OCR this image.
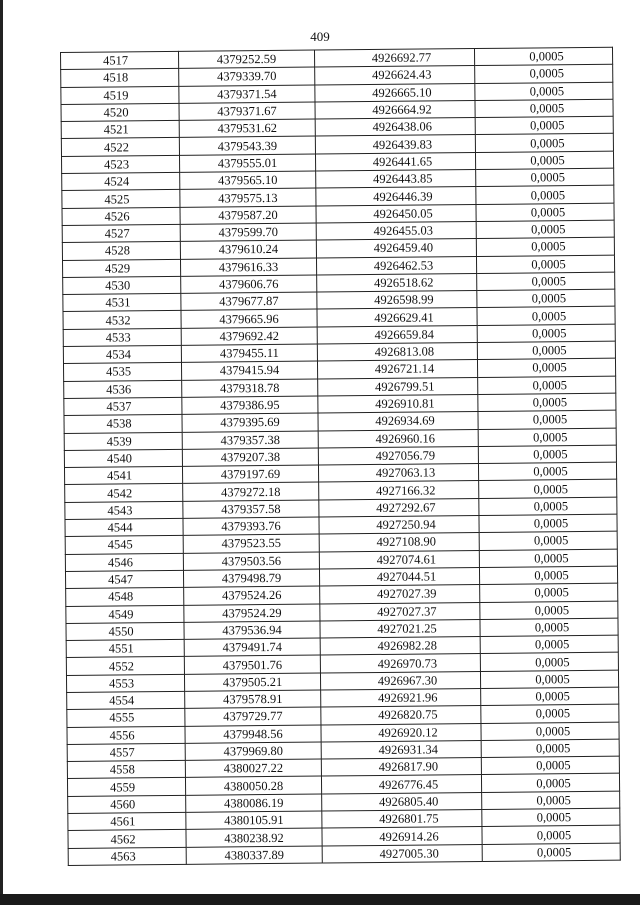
409
4517	4379252.59	4926692.77	0,0005
4518	4379339.70	4926624.43	0,0005
4519	4379371.54	4926665.10	0,0005
4520	4379371.67	4926664.92	0,0005
4521	4379531.62	4926438.06	0,0005
4522	4379543.39	4926439.83	0,0005
4523	4379555.01	4926441.65	0,0005
4524	4379565.10	4926443.85	0,0005
4525	4379575.13	4926446.39	0,0005
4526	4379587.20	4926450.05	0,0005
4527	4379599.70	4926455.03	0,0005
4528	4379610.24	4926459.40	0,0005
4529	4379616.33	4926462.53	0,0005
4530	4379606.76	4926518.62	0,0005
4531	4379677.87	4926598.99	0,0005
4532	4379665.96	4926629.41	0,0005
4533	4379692.42	4926659.84	0,0005
4534	4379455.11	4926813.08	0,0005
4535	4379415.94	4926721.14	0,0005
4536	4379318.78	4926799.51	0,0005
4537	4379386.95	4926910.81	0,0005
4538	4379395.69	4926934.69	0,0005
4539	4379357.38	4926960.16	0,0005
4540	4379207.38	4927056.79	0,0005
4541	4379197.69	4927063.13	0,0005
4542	4379272.18	4927166.32	0,0005
4543	4379357.58	4927292.67	0,0005
4544	4379393.76	4927250.94	0,0005
4545	4379523.55	4927108.90	0,0005
4546	4379503.56	4927074.61	0,0005
4547	4379498.79	4927044.51	0,0005
4548	4379524.26	4927027.39	0,0005
4549	4379524.29	4927027.37	0,0005
4550	4379536.94	4927021.25	0,0005
4551	4379491.74	4926982.28	0,0005
4552	4379501.76	4926970.73	0,0005
4553	4379505.21	4926967.30	0,0005
4554	4379578.91	4926921.96	0,0005
4555	4379729.77	4926820.75	0,0005
4556	4379948.56	4926920.12	0,0005
4557	4379969.80	4926931.34	0,0005
4558	4380027.22	4926817.90	0,0005
4559	4380050.28	4926776.45	0,0005
4560	4380086.19	4926805.40	0,0005
4561	4380105.91	4926801.75	0,0005
4562	4380238.92	4926914.26	0,0005
4563	4380337.89	4927005.30	0,0005
